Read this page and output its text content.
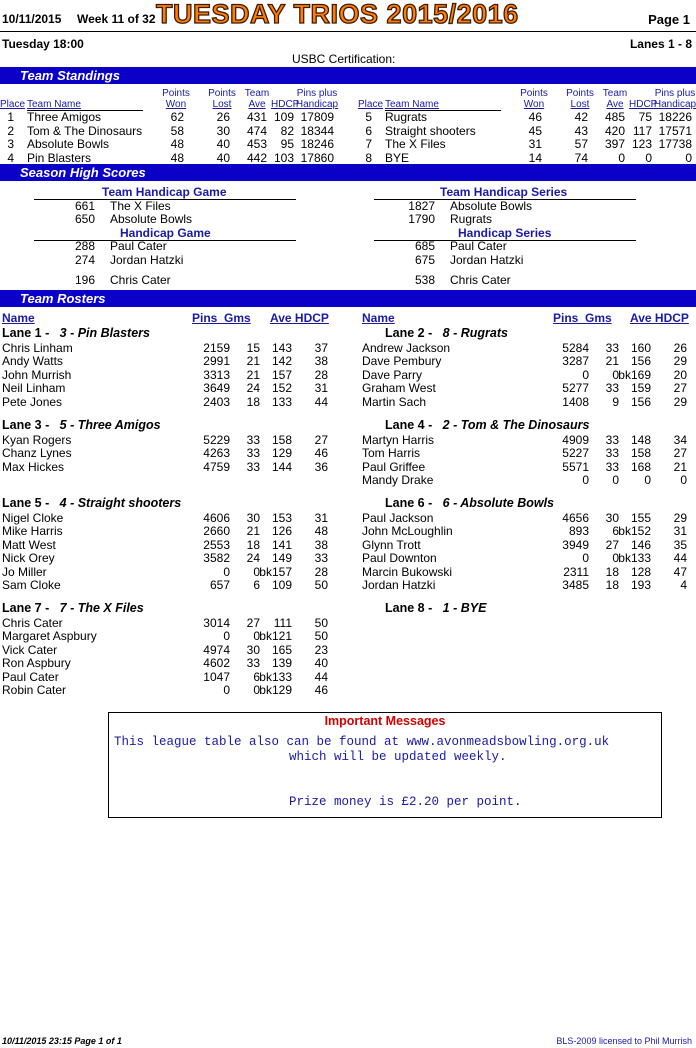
10/11/2015 Week 11 of 32 TUESDAY TRIOS 2015/2016	Page 1
Tuesday 18:00	Lanes 1 - 8
USBC Certification:
Team Standings
Place Team Name
Points
Won
Points
Lost
Team
Ave HDCP
Pins plus
Handicap Place Team Name
Points
Won
Points
Lost
Team
Ave HDCP
Pins plus
Handicap
1 Three Amigos	62	26	431 109 17809
2 Tom & The Dinosaurs	58	30	474	82 18344
3 Absolute Bowls	48	40	453	95 18246
4 Pin Blasters	48	40	442 103 17860
5 Rugrats	46	42	485	75 18226
6 Straight shooters	45	43	420 117 17571
7 The X Files	31	57	397 123 17738
8 BYE	14	74	0	0	0
Season High Scores
Team Handicap Game
661 The X Files
650 Absolute Bowls
Handicap Game
288 Paul Cater
274 Jordan Hatzki
196 Chris Cater
Team Handicap Series
1827 Absolute Bowls
1790 Rugrats
Handicap Series
685 Paul Cater
675 Jordan Hatzki
538 Chris Cater
Team Rosters
Name	Pins  Gms Ave HDCP	Name	Pins  Gms Ave HDCP
Lane 1 -   3 - Pin Blasters
Chris Linham	2159	15 143	37
Andy Watts	2991	21 142	38
John Murrish	3313	21 157	28
Neil Linham	3649	24 152	31
Pete Jones	2403	18 133	44
Lane 2 -   8 - Rugrats
Andrew Jackson	5284	33 160	26
Dave Pembury	3287	21 156	29
Dave Parry	0	0 bk169	20
Graham West	5277	33 159	27
Martin Sach	1408	9 156	29
Lane 3 -   5 - Three Amigos
Kyan Rogers	5229	33 158	27
Chanz Lynes	4263	33 129	46
Max Hickes	4759	33 144	36
Lane 4 -   2 - Tom & The Dinosaurs
Martyn Harris	4909	33 148	34
Tom Harris	5227	33 158	27
Paul Griffee	5571	33 168	21
Mandy Drake	0	0	0	0
Lane 5 -   4 - Straight shooters
Nigel Cloke	4606	30 153	31
Mike Harris	2660	21 126	48
Matt West	2553	18 141	38
Nick Orey	3582	24 149	33
Jo Miller	0	0 bk157	28
Sam Cloke	657	6 109	50
Lane 6 -   6 - Absolute Bowls
Paul Jackson	4656	30 155	29
John McLoughlin	893	6 bk152	31
Glynn Trott	3949	27 146	35
Paul Downton	0	0 bk133	44
Marcin Bukowski	2311	18 128	47
Jordan Hatzki	3485	18 193	4
Lane 7 -   7 - The X Files
Chris Cater	3014	27	111	50
Margaret Aspbury	0	0 bk121	50
Vick Cater	4974	30 165	23
Ron Aspbury	4602	33 139	40
Paul Cater	1047	6 bk133	44
Robin Cater	0	0 bk129	46
Lane 8 -   1 - BYE
Important Messages
This league table also can be found at www.avonmeadsbowling.org.uk
which will be updated weekly.
Prize money is £2.20 per point.
10/11/2015 23:15 Page 1 of 1	BLS-2009 licensed to Phil Murrish
